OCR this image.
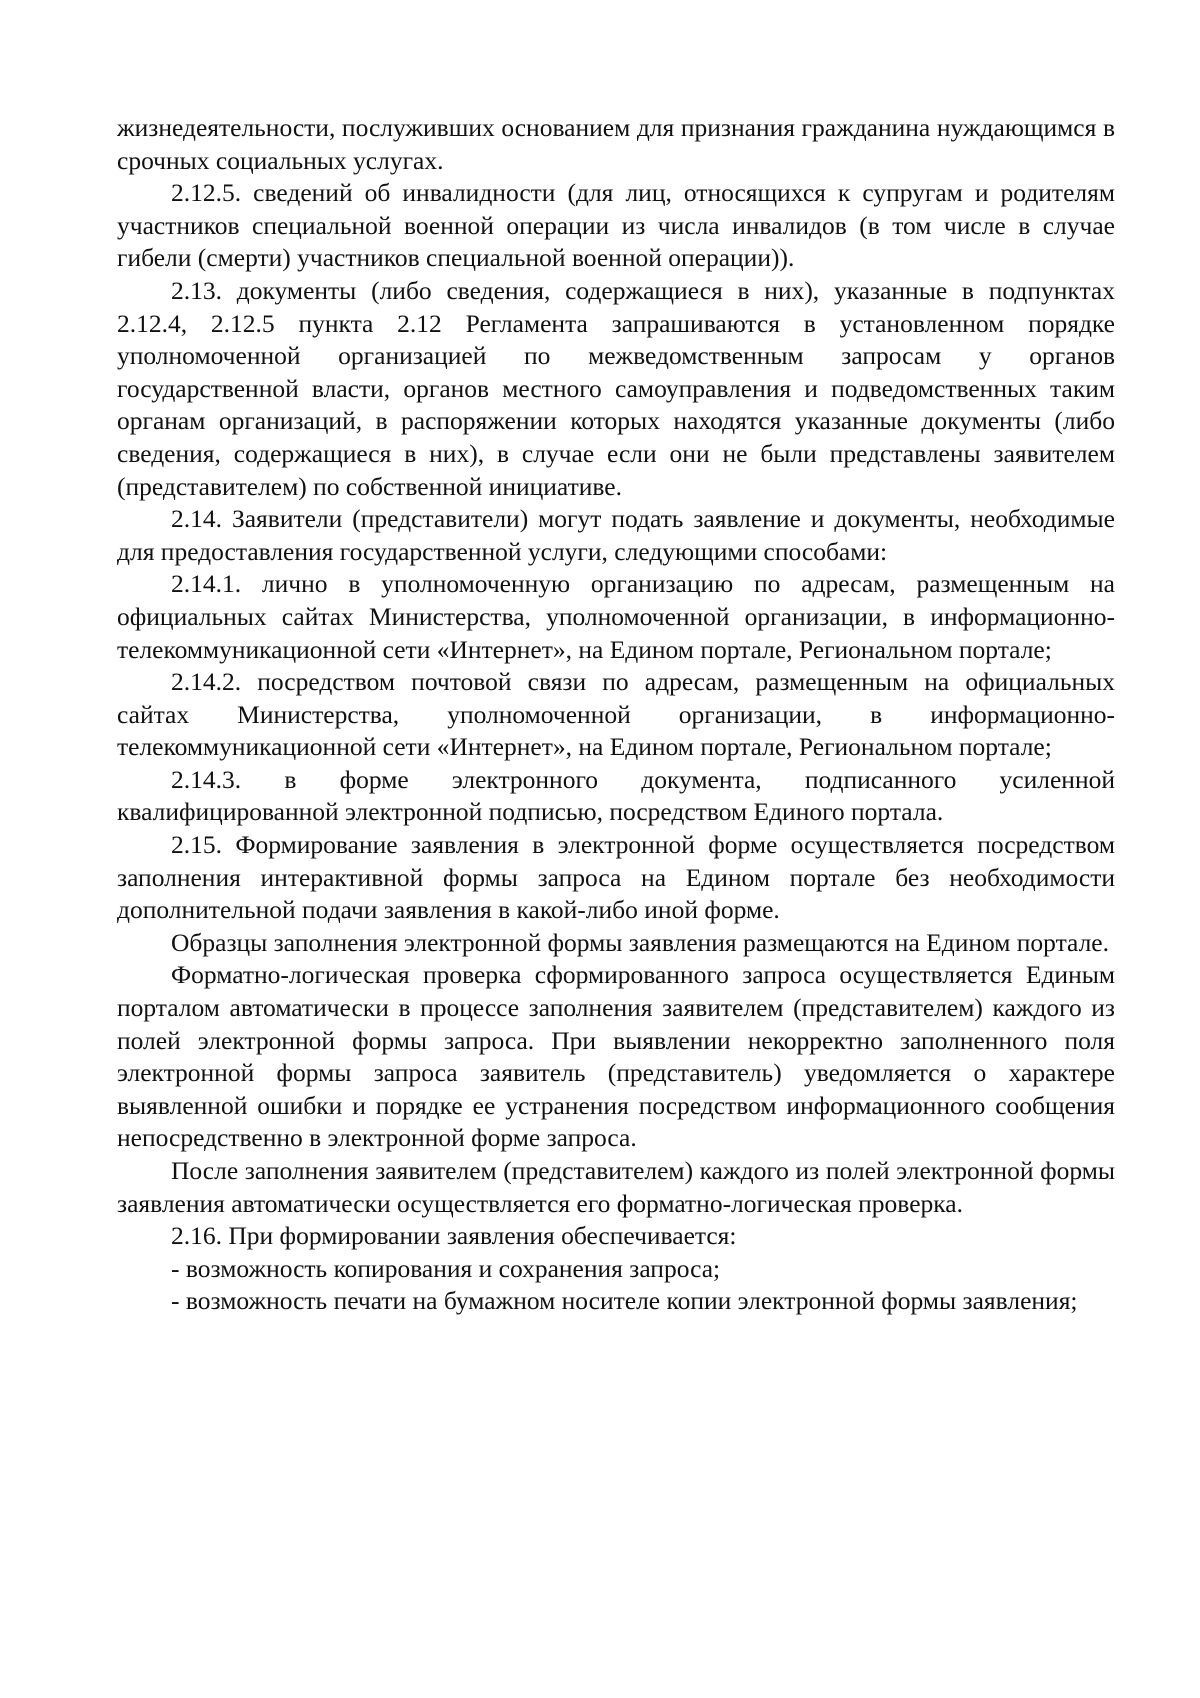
жизнедеятельности, послуживших основанием для признания гражданина нуждающимся в срочных социальных услугах.

2.12.5. сведений об инвалидности (для лиц, относящихся к супругам и родителям участников специальной военной операции из числа инвалидов (в том числе в случае гибели (смерти) участников специальной военной операции)).

2.13. документы (либо сведения, содержащиеся в них), указанные в подпунктах 2.12.4, 2.12.5 пункта 2.12 Регламента запрашиваются в установленном порядке уполномоченной организацией по межведомственным запросам у органов государственной власти, органов местного самоуправления и подведомственных таким органам организаций, в распоряжении которых находятся указанные документы (либо сведения, содержащиеся в них), в случае если они не были представлены заявителем (представителем) по собственной инициативе.

2.14. Заявители (представители) могут подать заявление и документы, необходимые для предоставления государственной услуги, следующими способами:

2.14.1. лично в уполномоченную организацию по адресам, размещенным на официальных сайтах Министерства, уполномоченной организации, в информационно-телекоммуникационной сети «Интернет», на Едином портале, Региональном портале;

2.14.2. посредством почтовой связи по адресам, размещенным на официальных сайтах Министерства, уполномоченной организации, в информационно-телекоммуникационной сети «Интернет», на Едином портале, Региональном портале;

2.14.3. в форме электронного документа, подписанного усиленной квалифицированной электронной подписью, посредством Единого портала.

2.15. Формирование заявления в электронной форме осуществляется посредством заполнения интерактивной формы запроса на Едином портале без необходимости дополнительной подачи заявления в какой-либо иной форме.

Образцы заполнения электронной формы заявления размещаются на Едином портале.

Форматно-логическая проверка сформированного запроса осуществляется Единым порталом автоматически в процессе заполнения заявителем (представителем) каждого из полей электронной формы запроса. При выявлении некорректно заполненного поля электронной формы запроса заявитель (представитель) уведомляется о характере выявленной ошибки и порядке ее устранения посредством информационного сообщения непосредственно в электронной форме запроса.

После заполнения заявителем (представителем) каждого из полей электронной формы заявления автоматически осуществляется его форматно-логическая проверка.

2.16. При формировании заявления обеспечивается:

- возможность копирования и сохранения запроса;

- возможность печати на бумажном носителе копии электронной формы заявления;
